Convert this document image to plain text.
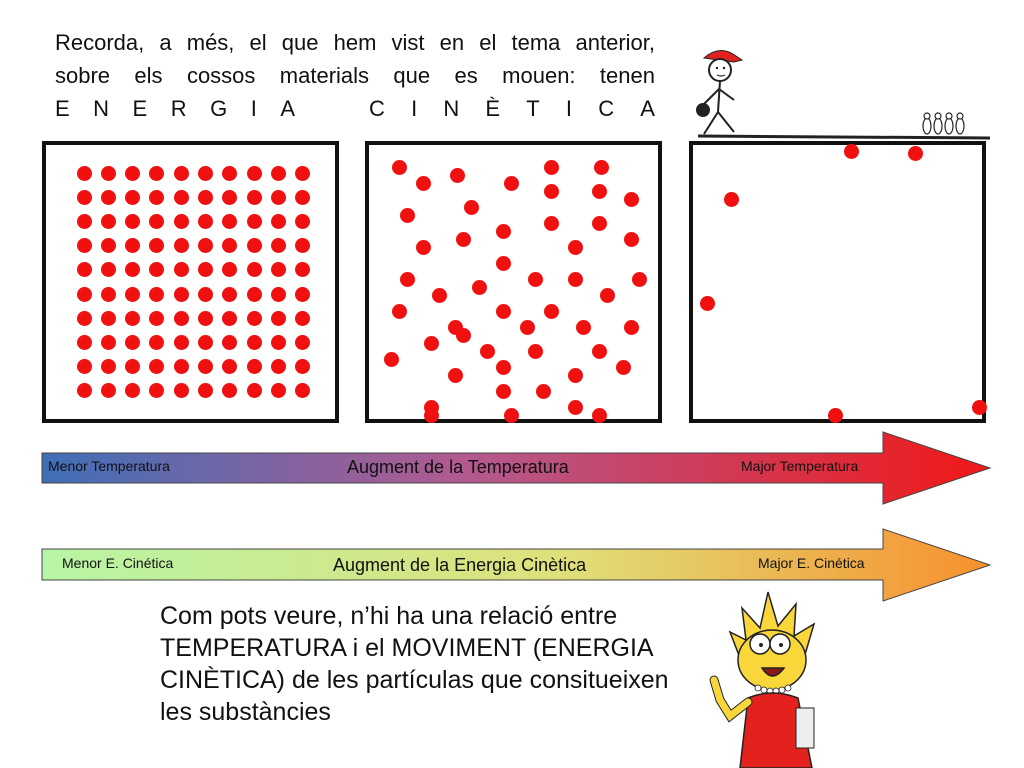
Recorda, a més, el que hem vist en el tema anterior,
sobre els cossos materials que es mouen: tenen
E N E R G I A	C I N È T I C A
Menor Temperatura	Augment de la Temperatura	Major Temperatura
Menor E. Cinética	Augment de la Energia Cinètica	Major E. Cinética
Com pots veure, n’hi ha una relació entre TEMPERATURA i el MOVIMENT (ENERGIA CINÈTICA) de les partículas que consitueixen les substàncies
